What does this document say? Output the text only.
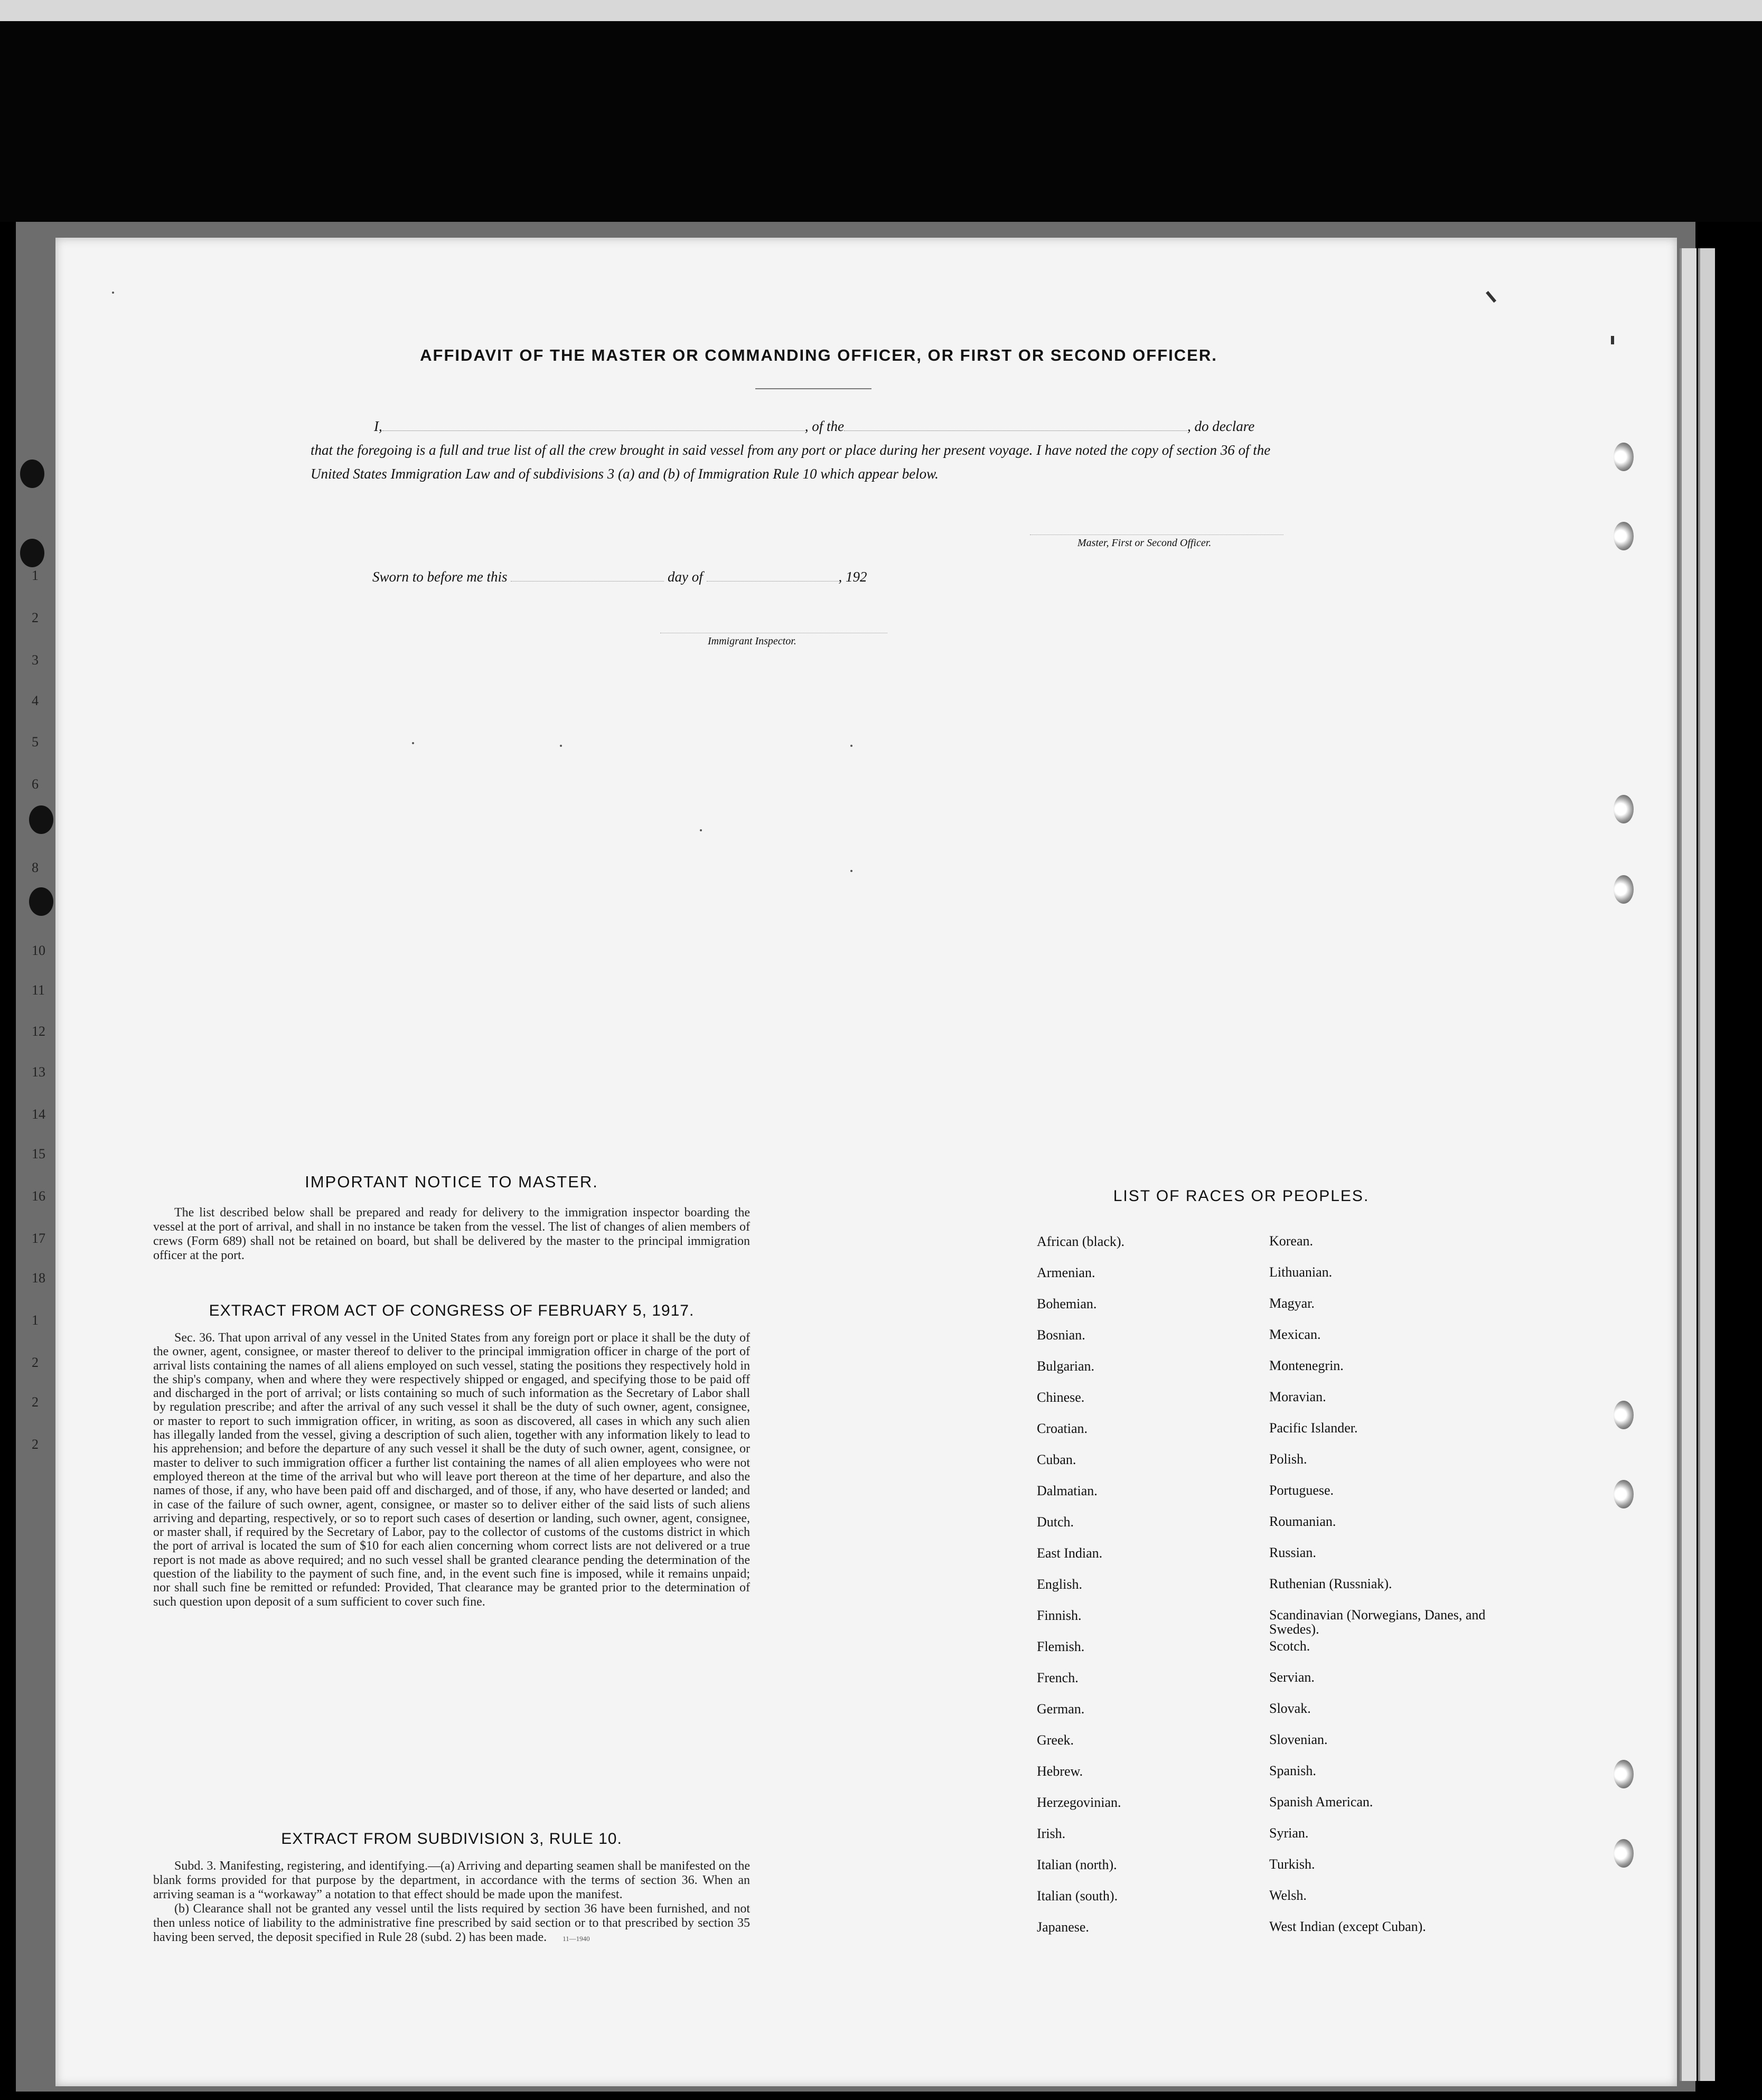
1
2
3
4
5
6
8
10
11
12
13
14
15
16
17
18
1
2
2
2
AFFIDAVIT OF THE MASTER OR COMMANDING OFFICER, OR FIRST OR SECOND OFFICER.
I,	, of the	, do declare
that the foregoing is a full and true list of all the crew brought in said vessel from any port or place during her present voyage. I have noted the copy of section 36 of the United States Immigration Law and of subdivisions 3 (a) and (b) of Immigration Rule 10 which appear below.
Master, First or Second Officer.
Sworn to before me this	day of	, 192
Immigrant Inspector.
IMPORTANT NOTICE TO MASTER.
The list described below shall be prepared and ready for delivery to the immigration inspector boarding the vessel at the port of arrival, and shall in no instance be taken from the vessel. The list of changes of alien members of crews (Form 689) shall not be retained on board, but shall be delivered by the master to the principal immigration officer at the port.
EXTRACT FROM ACT OF CONGRESS OF FEBRUARY 5, 1917.
Sec. 36. That upon arrival of any vessel in the United States from any foreign port or place it shall be the duty of the owner, agent, consignee, or master thereof to deliver to the principal immigration officer in charge of the port of arrival lists containing the names of all aliens employed on such vessel, stating the positions they respectively hold in the ship's company, when and where they were respectively shipped or engaged, and specifying those to be paid off and discharged in the port of arrival; or lists containing so much of such information as the Secretary of Labor shall by regulation prescribe; and after the arrival of any such vessel it shall be the duty of such owner, agent, consignee, or master to report to such immigration officer, in writing, as soon as discovered, all cases in which any such alien has illegally landed from the vessel, giving a description of such alien, together with any information likely to lead to his apprehension; and before the departure of any such vessel it shall be the duty of such owner, agent, consignee, or master to deliver to such immigration officer a further list containing the names of all alien employees who were not employed thereon at the time of the arrival but who will leave port thereon at the time of her departure, and also the names of those, if any, who have been paid off and discharged, and of those, if any, who have deserted or landed; and in case of the failure of such owner, agent, consignee, or master so to deliver either of the said lists of such aliens arriving and departing, respectively, or so to report such cases of desertion or landing, such owner, agent, consignee, or master shall, if required by the Secretary of Labor, pay to the collector of customs of the customs district in which the port of arrival is located the sum of $10 for each alien concerning whom correct lists are not delivered or a true report is not made as above required; and no such vessel shall be granted clearance pending the determination of the question of the liability to the payment of such fine, and, in the event such fine is imposed, while it remains unpaid; nor shall such fine be remitted or refunded: Provided, That clearance may be granted prior to the determination of such question upon deposit of a sum sufficient to cover such fine.
EXTRACT FROM SUBDIVISION 3, RULE 10.

Subd. 3. Manifesting, registering, and identifying.—(a) Arriving and departing seamen shall be manifested on the blank forms provided for that purpose by the department, in accordance with the terms of section 36. When an arriving seaman is a “workaway” a notation to that effect should be made upon the manifest.

(b) Clearance shall not be granted any vessel until the lists required by section 36 have been furnished, and not then unless notice of liability to the administrative fine prescribed by said section or to that prescribed by section 35 having been served, the deposit specified in Rule 28 (subd. 2) has been made. 11—1940

LIST OF RACES OR PEOPLES.
African (black).	Korean.
Armenian.	Lithuanian.
Bohemian.	Magyar.
Bosnian.	Mexican.
Bulgarian.	Montenegrin.
Chinese.	Moravian.
Croatian.	Pacific Islander.
Cuban.	Polish.
Dalmatian.	Portuguese.
Dutch.	Roumanian.
East Indian.	Russian.
English.	Ruthenian (Russniak).
Finnish.	Scandinavian (Norwegians, Danes, and Swedes).
Flemish.	Scotch.
French.	Servian.
German.	Slovak.
Greek.	Slovenian.
Hebrew.	Spanish.
Herzegovinian.	Spanish American.
Irish.	Syrian.
Italian (north).	Turkish.
Italian (south).	Welsh.
Japanese.	West Indian (except Cuban).
